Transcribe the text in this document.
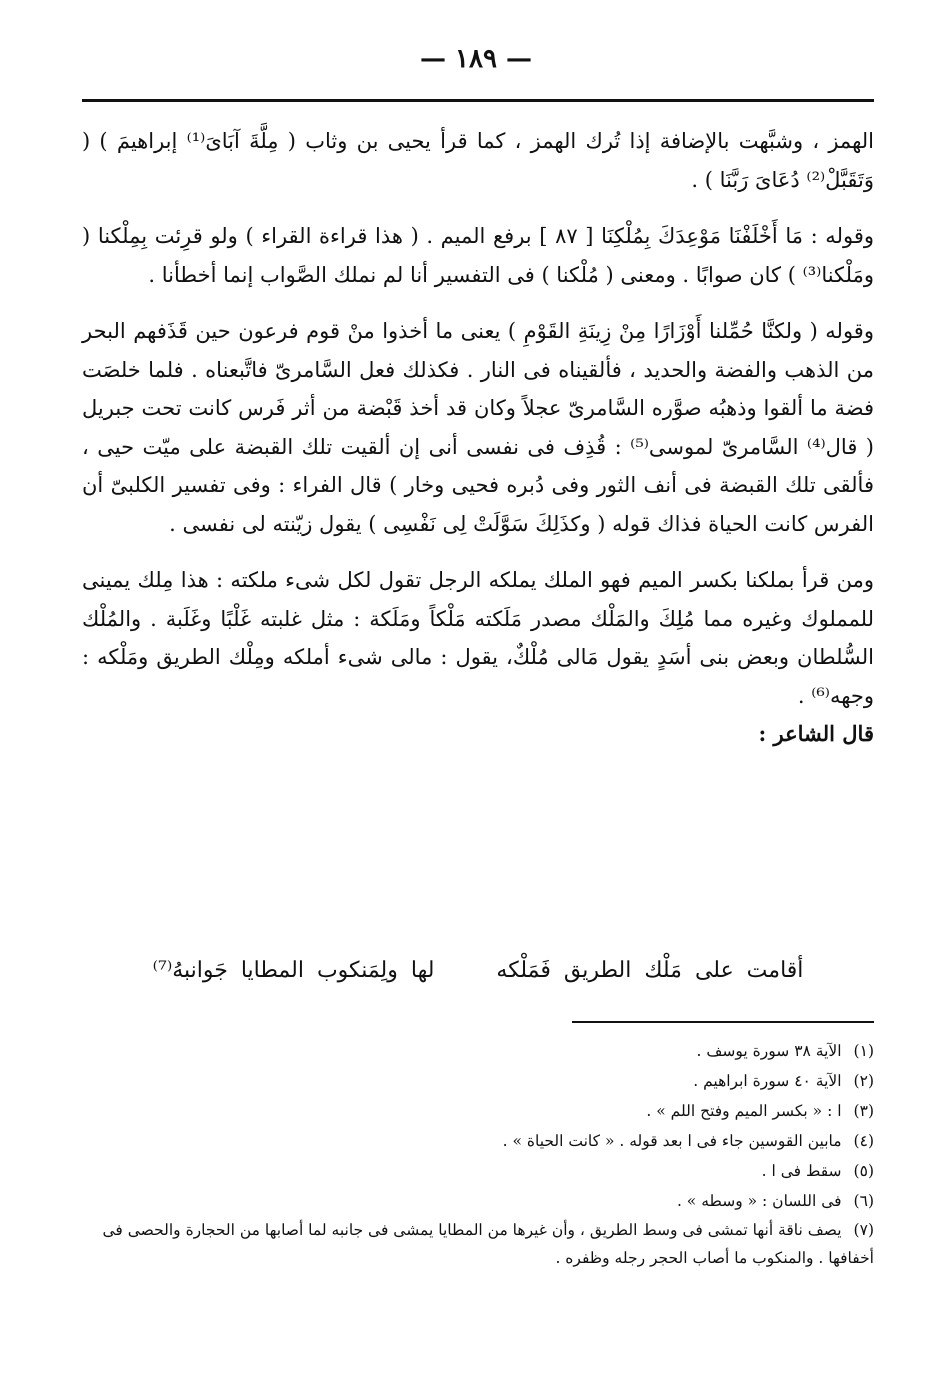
— ١٨٩ —

الهمز ، وشبَّهت بالإضافة إذا تُرك الهمز ، كما قرأ يحيى بن وثاب ( مِلَّةَ آبَاىَ⁽¹⁾ إبراهيمَ ) ( وَتَقَبَّلْ⁽²⁾ دُعَاىَ رَبَّنَا ) .

وقوله : مَا أَخْلَفْنَا مَوْعِدَكَ بِمُلْكِنَا [ ٨٧ ] برفع الميم . ( هذا قراءة القراء ) ولو قرِئت بِمِلْكنا ( ومَلْكنا⁽³⁾ ) كان صوابًا . ومعنى ( مُلْكنا ) فى التفسير أنا لم نملك الصَّواب إنما أخطأنا .

وقوله ( ولكنَّا حُمِّلنا أَوْزَارًا مِنْ زِينَةِ القَوْمِ ) يعنى ما أخذوا منْ قوم فرعون حين قَذَفهم البحر من الذهب والفضة والحديد ، فألقيناه فى النار . فكذلك فعل السَّامرىّ فاتَّبعناه . فلما خلصَت فضة ما ألقوا وذهبُه صوَّره السَّامرىّ عجلاً وكان قد أخذ قَبْضة من أثر فَرس كانت تحت جبريل ( قال⁽⁴⁾ السَّامرىّ لموسى⁽⁵⁾ : قُذِف فى نفسى أنى إن ألقيت تلك القبضة على ميّت حيى ، فألقى تلك القبضة فى أنف الثور وفى دُبره فحيى وخار ) قال الفراء : وفى تفسير الكلبىّ أن الفرس كانت الحياة فذاك قوله ( وكذَلِكَ سَوَّلَتْ لِى نَفْسِى ) يقول زيّنته لى نفسى .

ومن قرأ بملكنا بكسر الميم فهو الملك يملكه الرجل تقول لكل شىء ملكته : هذا مِلك يمينى للمملوك وغيره مما مُلِكَ والمَلْك مصدر مَلَكته مَلْكاً ومَلَكة : مثل غلبته غَلْبًا وغَلَبة . والمُلْك السُّلطان وبعض بنى أسَدٍ يقول مَالى مُلْكٌ، يقول : مالى شىء أملكه ومِلْك الطريق ومَلْكه : وجهه⁽⁶⁾ .

قال الشاعر :

أقامت على مَلْك الطريق فَمَلْكه  لها ولِمَنكوب المطايا جَوانبهُ⁽⁷⁾

(١)الآية ٣٨ سورة يوسف .

(٢)الآية ٤٠ سورة ابراهيم .

(٣)ا : « بكسر الميم وفتح اللم » .

(٤)مابين القوسين جاء فى ا بعد قوله . « كانت الحياة » .

(٥)سقط فى ا .

(٦)فى اللسان : « وسطه » .

(٧)يصف ناقة أنها تمشى فى وسط الطريق ، وأن غيرها من المطايا يمشى فى جانبه لما أصابها من الحجارة والحصى فى أخفافها . والمنكوب ما أصاب الحجر رجله وظفره .
